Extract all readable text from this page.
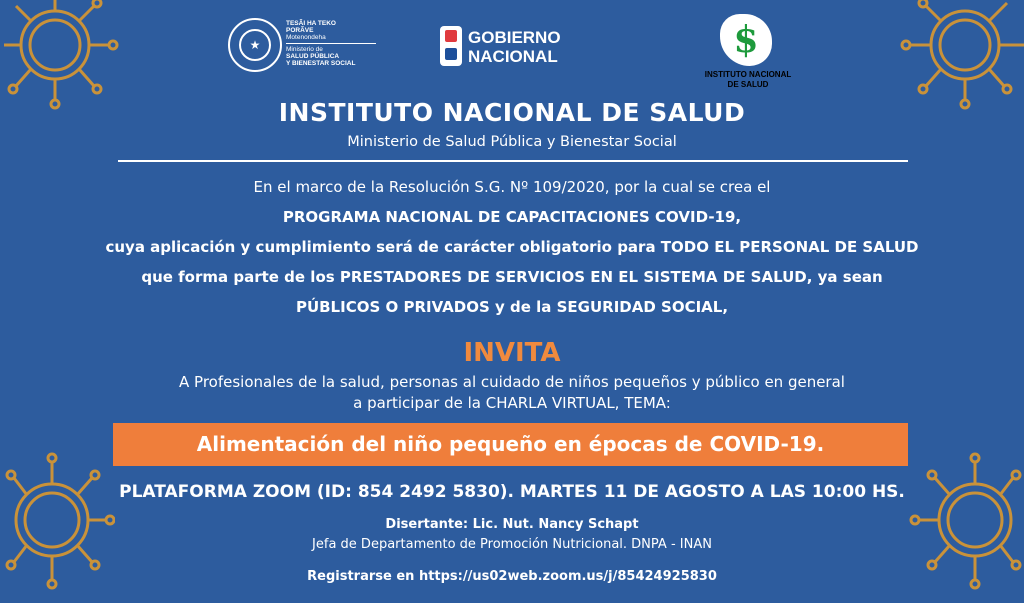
★
TESÃI HA TEKO
PORÃVE
Motenondeha
Ministerio de
SALUD PÚBLICA
Y BIENESTAR SOCIAL
GOBIERNO
NACIONAL	$
INSTITUTO NACIONAL
DE SALUD
INSTITUTO NACIONAL DE SALUD
Ministerio de Salud Pública y Bienestar Social
En el marco de la Resolución S.G. Nº 109/2020, por la cual se crea el
PROGRAMA NACIONAL DE CAPACITACIONES COVID-19,
cuya aplicación y cumplimiento será de carácter obligatorio para TODO EL PERSONAL DE SALUD
que forma parte de los PRESTADORES DE SERVICIOS EN EL SISTEMA DE SALUD, ya sean
PÚBLICOS O PRIVADOS y de la SEGURIDAD SOCIAL,
INVITA
A Profesionales de la salud, personas al cuidado de niños pequeños y público en general
a participar de la CHARLA VIRTUAL, TEMA:
Alimentación del niño pequeño en épocas de COVID-19.
PLATAFORMA ZOOM (ID: 854 2492 5830). MARTES 11 DE AGOSTO A LAS 10:00 HS.
Disertante: Lic. Nut. Nancy Schapt
Jefa de Departamento de Promoción Nutricional. DNPA - INAN
Registrarse en https://us02web.zoom.us/j/85424925830
